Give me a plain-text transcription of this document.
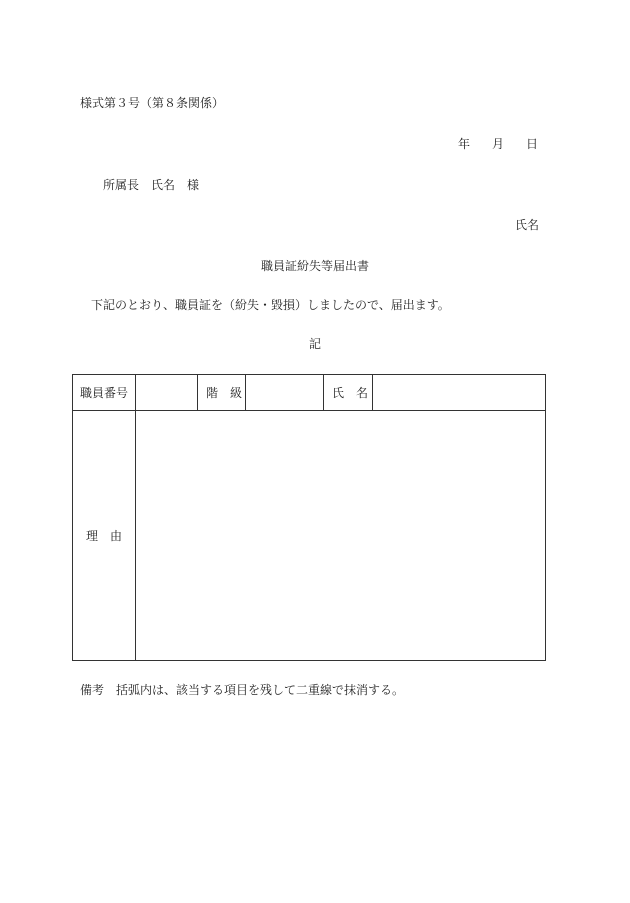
様式第３号（第８条関係）
年 月 日
所属長　氏名　様
氏名
職員証紛失等届出書
下記のとおり、職員証を（紛失・毀損）しましたので、届出ます。
記
職員番号		階　級		氏　名	
理　由					
備考　括弧内は、該当する項目を残して二重線で抹消する。
